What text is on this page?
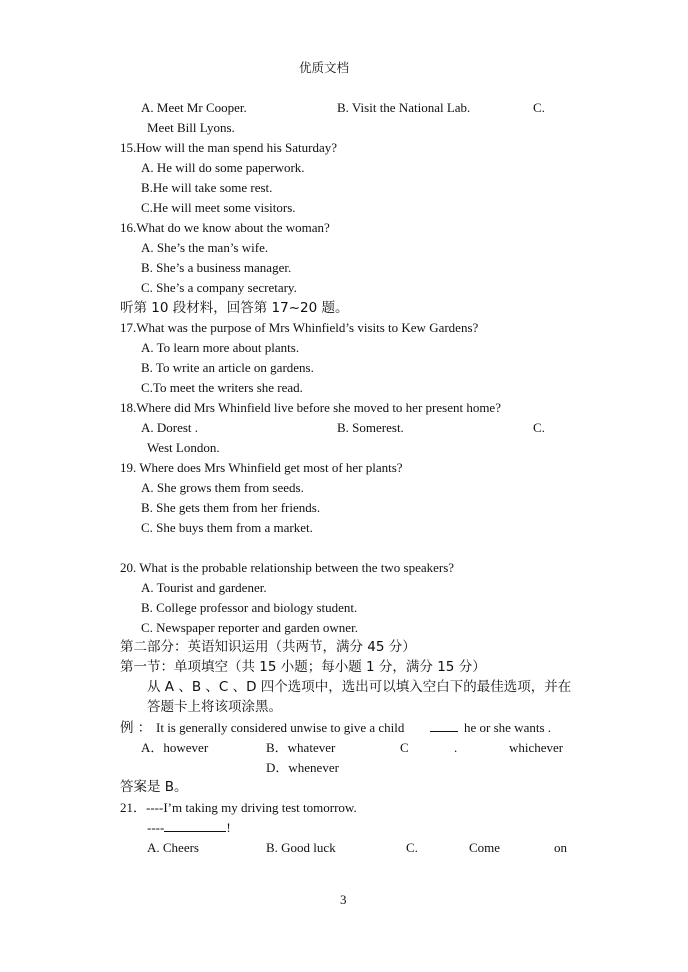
优质文档
A. Meet Mr Cooper.	B. Visit the National Lab.	C.
Meet Bill Lyons.
15.How will the man spend his Saturday?
A. He will do some paperwork.
B.He will take some rest.
C.He will meet some visitors.
16.What do we know about the woman?
A. She’s the man’s wife.
B. She’s a business manager.
C. She’s a company secretary.
听第 10 段材料，回答第 17~20 题。
17.What was the purpose of Mrs Whinfield’s visits to Kew Gardens?
A. To learn more about plants.
B. To write an article on gardens.
C.To meet the writers she read.
18.Where did Mrs Whinfield live before she moved to her present home?
A. Dorest .	B. Somerest.	C.
West London.
19. Where does Mrs Whinfield get most of her plants?
A. She grows them from seeds.
B. She gets them from her friends.
C. She buys them from a market.
20. What is the probable relationship between the two speakers?
A. Tourist and gardener.
B. College professor and biology student.
C. Newspaper reporter and garden owner.
第二部分：英语知识运用（共两节，满分 45 分）
第一节：单项填空（共 15 小题；每小题 1 分，满分 15 分）
从 A 、B 、C 、D 四个选项中，选出可以填入空白下的最佳选项，并在
答题卡上将该项涂黑。
例 ： It is generally considered unwise to give a child	he or she wants .
A．however	B．whatever	C	.	whichever
D．whenever
答案是 B。
21．----I’m taking my driving test tomorrow.
----	!
A. Cheers	B. Good luck	C.	Come	on
3
